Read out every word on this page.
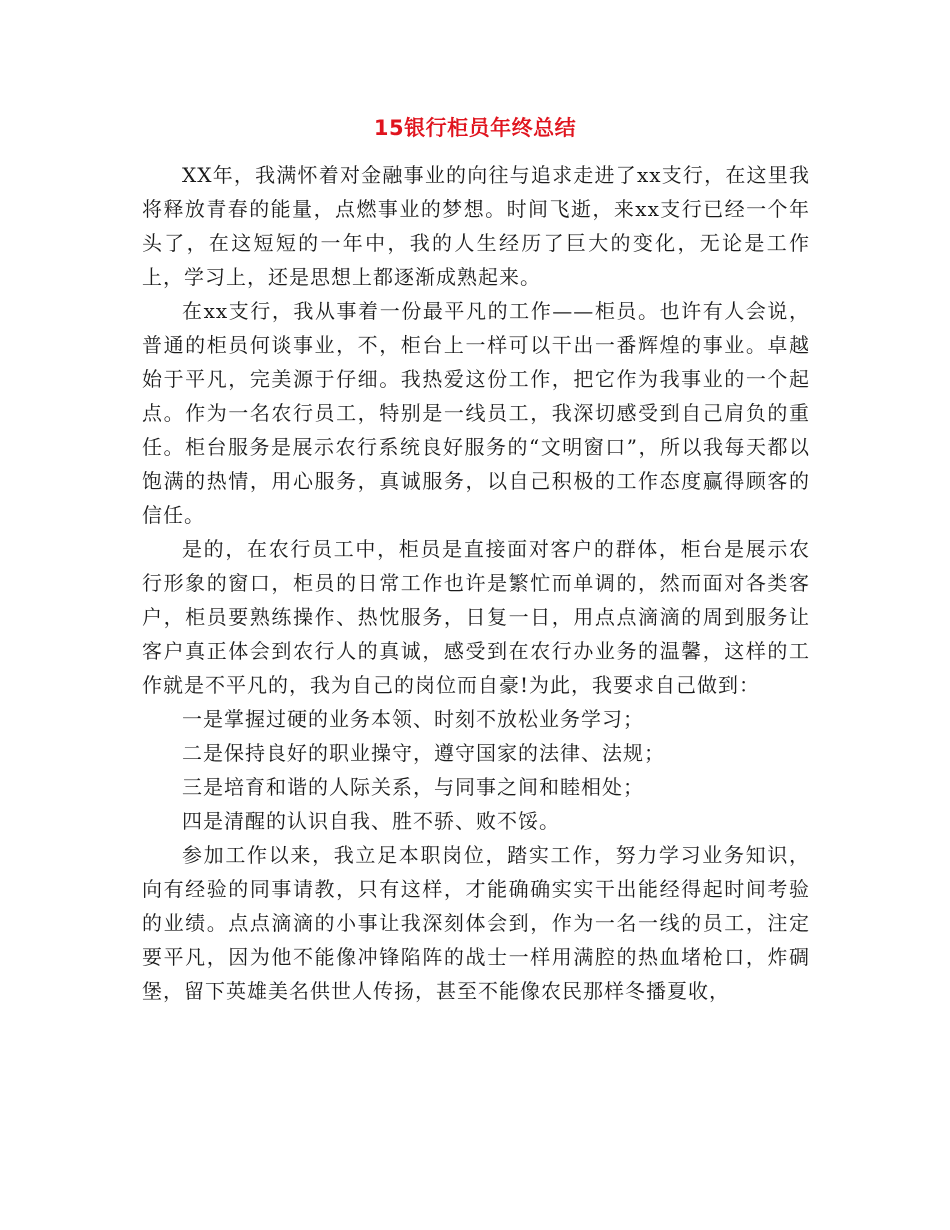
15银行柜员年终总结

XX年，我满怀着对金融事业的向往与追求走进了xx支行，在这里我将释放青春的能量，点燃事业的梦想。时间飞逝，来xx支行已经一个年头了，在这短短的一年中，我的人生经历了巨大的变化，无论是工作上，学习上，还是思想上都逐渐成熟起来。

在xx支行，我从事着一份最平凡的工作——柜员。也许有人会说，普通的柜员何谈事业，不，柜台上一样可以干出一番辉煌的事业。卓越始于平凡，完美源于仔细。我热爱这份工作，把它作为我事业的一个起点。作为一名农行员工，特别是一线员工，我深切感受到自己肩负的重任。柜台服务是展示农行系统良好服务的“文明窗口”，所以我每天都以饱满的热情，用心服务，真诚服务，以自己积极的工作态度赢得顾客的信任。

是的，在农行员工中，柜员是直接面对客户的群体，柜台是展示农行形象的窗口，柜员的日常工作也许是繁忙而单调的，然而面对各类客户，柜员要熟练操作、热忱服务，日复一日，用点点滴滴的周到服务让客户真正体会到农行人的真诚，感受到在农行办业务的温馨，这样的工作就是不平凡的，我为自己的岗位而自豪!为此，我要求自己做到：

一是掌握过硬的业务本领、时刻不放松业务学习；

二是保持良好的职业操守，遵守国家的法律、法规；

三是培育和谐的人际关系，与同事之间和睦相处；

四是清醒的认识自我、胜不骄、败不馁。

参加工作以来，我立足本职岗位，踏实工作，努力学习业务知识，向有经验的同事请教，只有这样，才能确确实实干出能经得起时间考验的业绩。点点滴滴的小事让我深刻体会到，作为一名一线的员工，注定要平凡，因为他不能像冲锋陷阵的战士一样用满腔的热血堵枪口，炸碉堡，留下英雄美名供世人传扬，甚至不能像农民那样冬播夏收，
